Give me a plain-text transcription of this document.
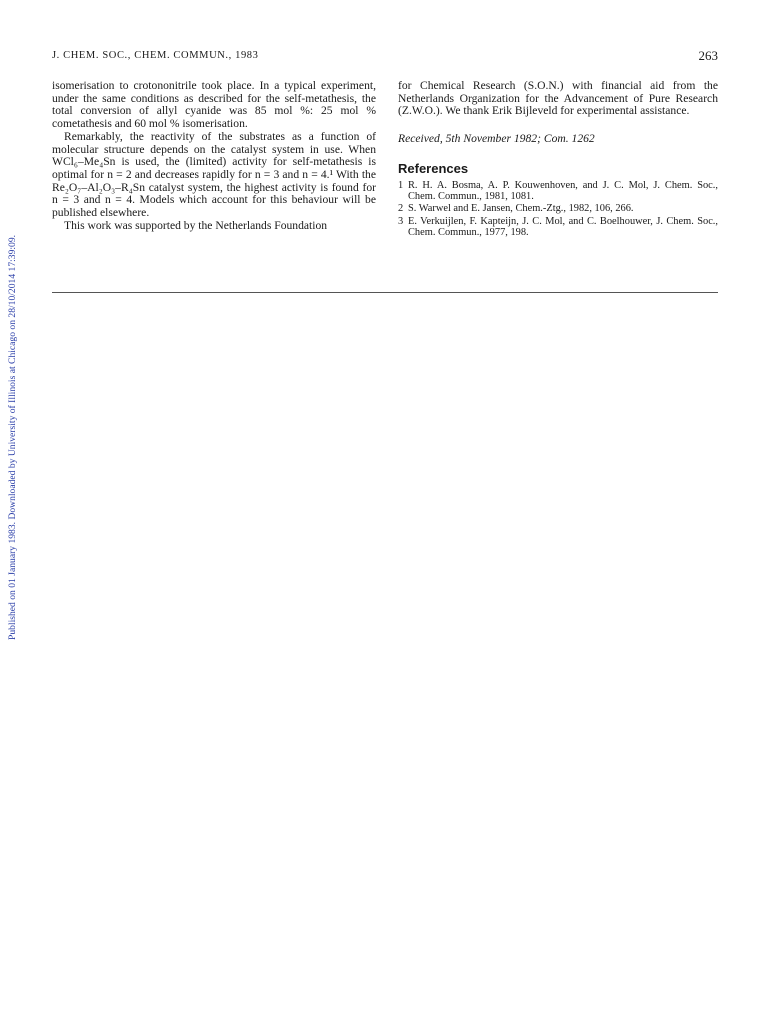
J. CHEM. SOC., CHEM. COMMUN., 1983	263
Published on 01 January 1983. Downloaded by University of Illinois at Chicago on 28/10/2014 17:39:09.

isomerisation to crotononitrile took place. In a typical experiment, under the same conditions as described for the self-metathesis, the total conversion of allyl cyanide was 85 mol %: 25 mol % cometathesis and 60 mol % isomerisation.

Remarkably, the reactivity of the substrates as a function of molecular structure depends on the catalyst system in use. When WCl₆–Me₄Sn is used, the (limited) activity for self-metathesis is optimal for n = 2 and decreases rapidly for n = 3 and n = 4.¹ With the Re₂O₇–Al₂O₃–R₄Sn catalyst system, the highest activity is found for n = 3 and n = 4. Models which account for this behaviour will be published elsewhere.

This work was supported by the Netherlands Foundation

for Chemical Research (S.O.N.) with financial aid from the Netherlands Organization for the Advancement of Pure Research (Z.W.O.). We thank Erik Bijleveld for experimental assistance.

Received, 5th November 1982; Com. 1262

References
1 R. H. A. Bosma, A. P. Kouwenhoven, and J. C. Mol, J. Chem. Soc., Chem. Commun., 1981, 1081.
2 S. Warwel and E. Jansen, Chem.-Ztg., 1982, 106, 266.
3 E. Verkuijlen, F. Kapteijn, J. C. Mol, and C. Boelhouwer, J. Chem. Soc., Chem. Commun., 1977, 198.
